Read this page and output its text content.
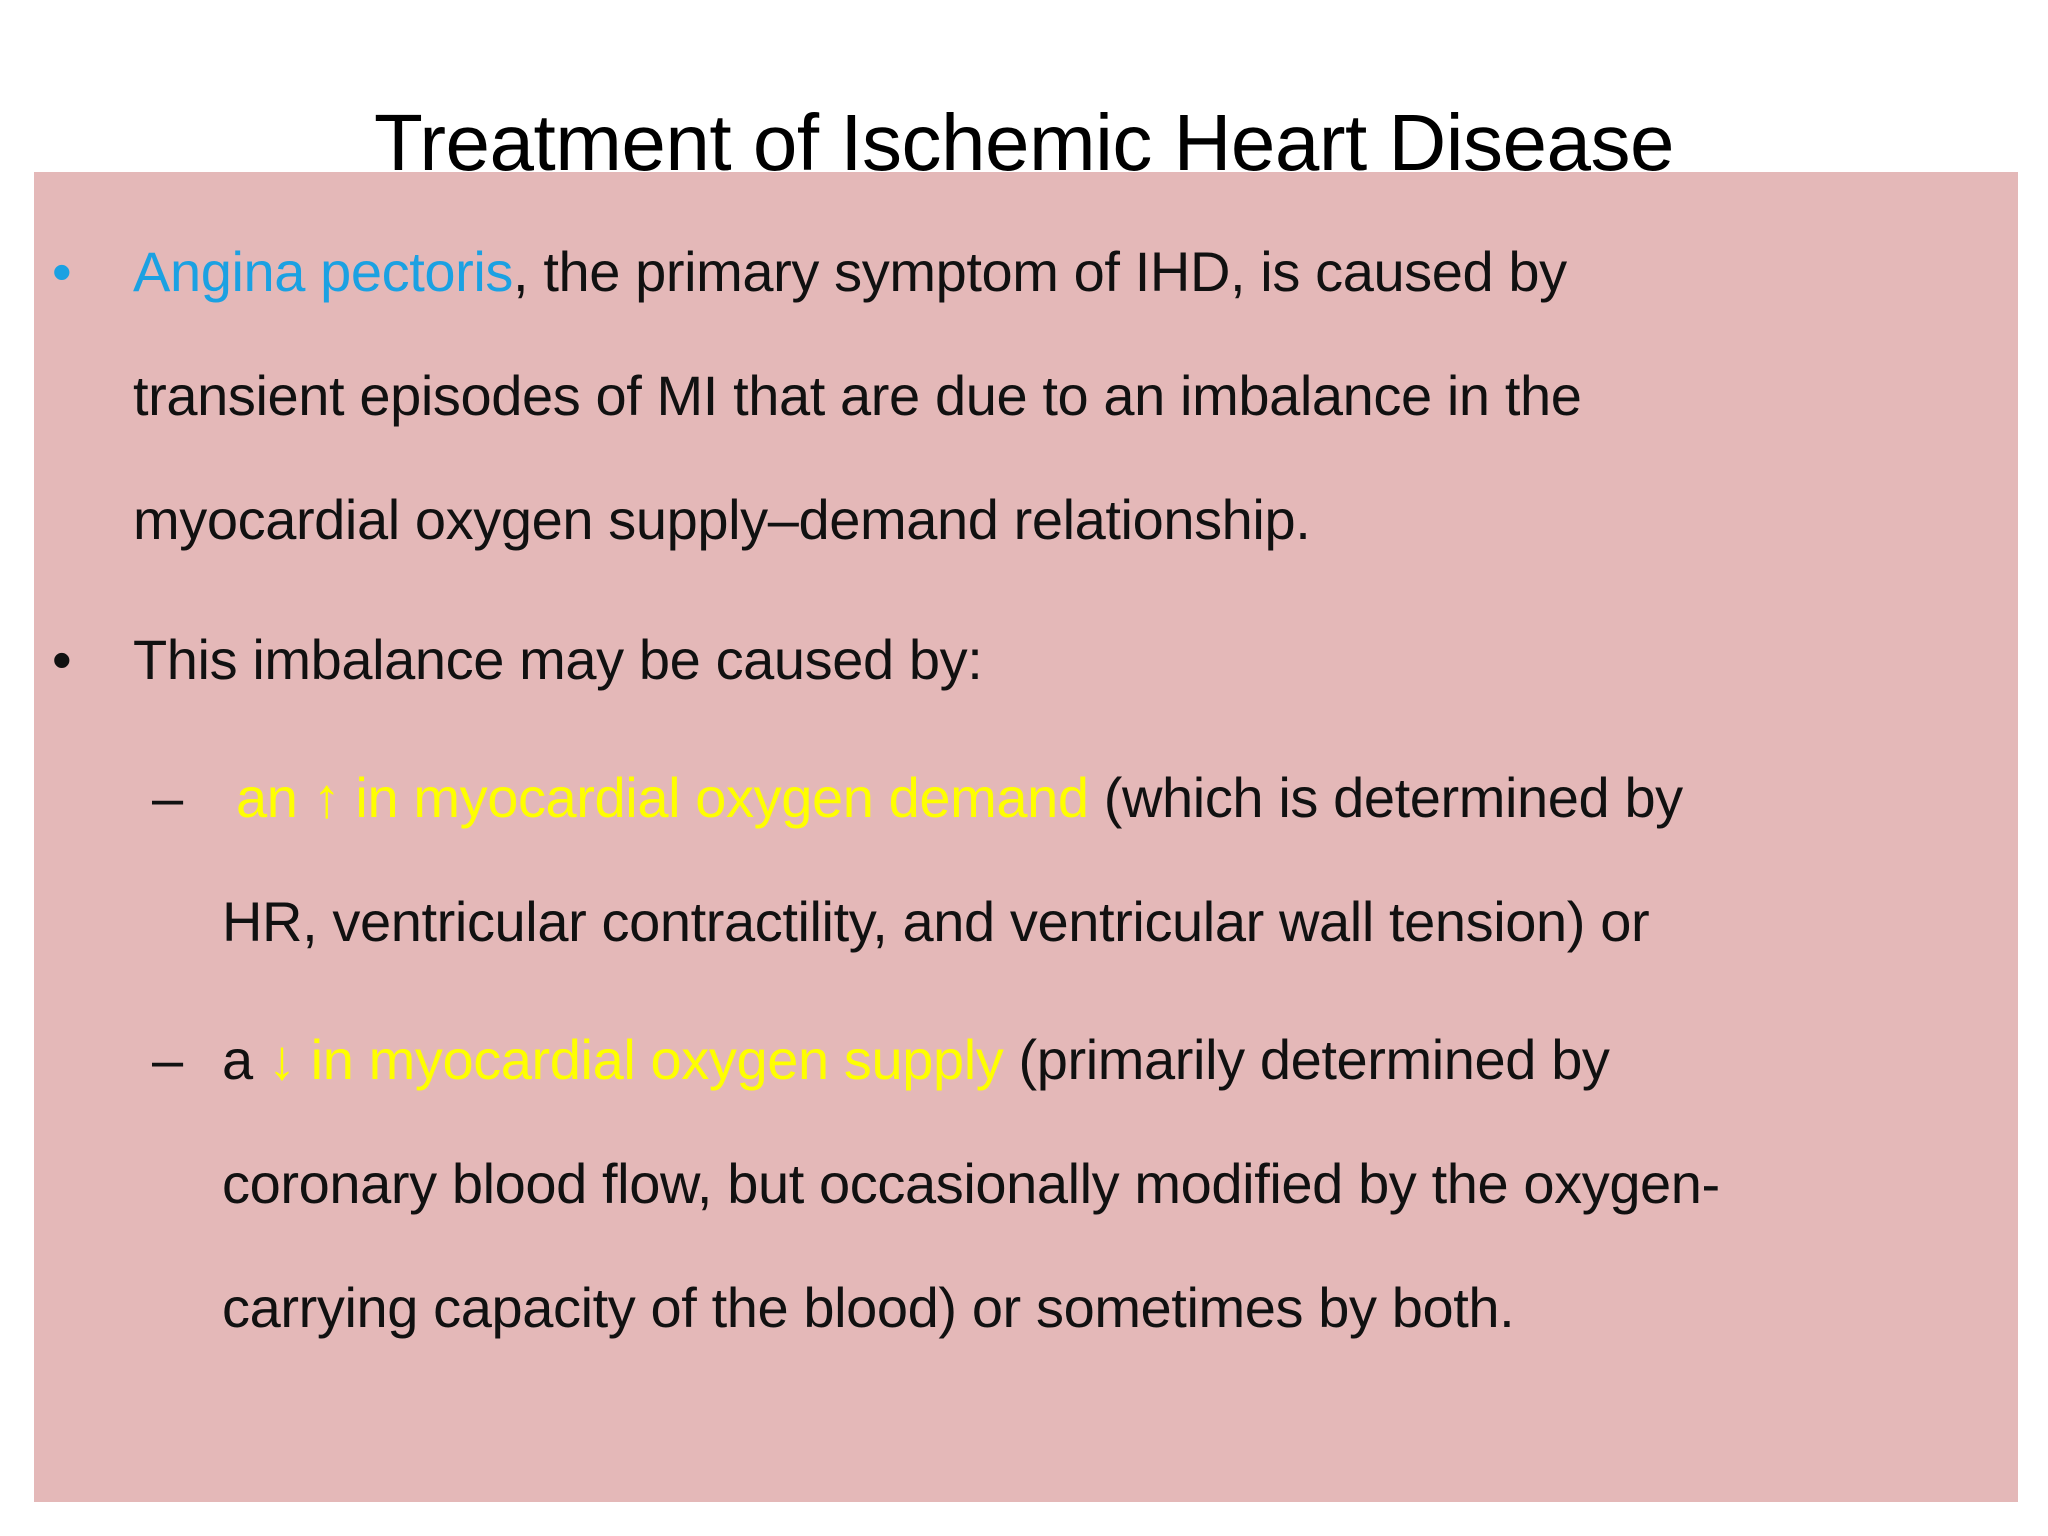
Treatment of Ischemic Heart Disease
• Angina pectoris, the primary symptom of IHD, is caused by
transient episodes of MI that are due to an imbalance in the
myocardial oxygen supply–demand relationship.
• This imbalance may be caused by:
– an ↑ in myocardial oxygen demand (which is determined by
HR, ventricular contractility, and ventricular wall tension) or
– a ↓ in myocardial oxygen supply (primarily determined by
coronary blood flow, but occasionally modified by the oxygen-
carrying capacity of the blood) or sometimes by both.
